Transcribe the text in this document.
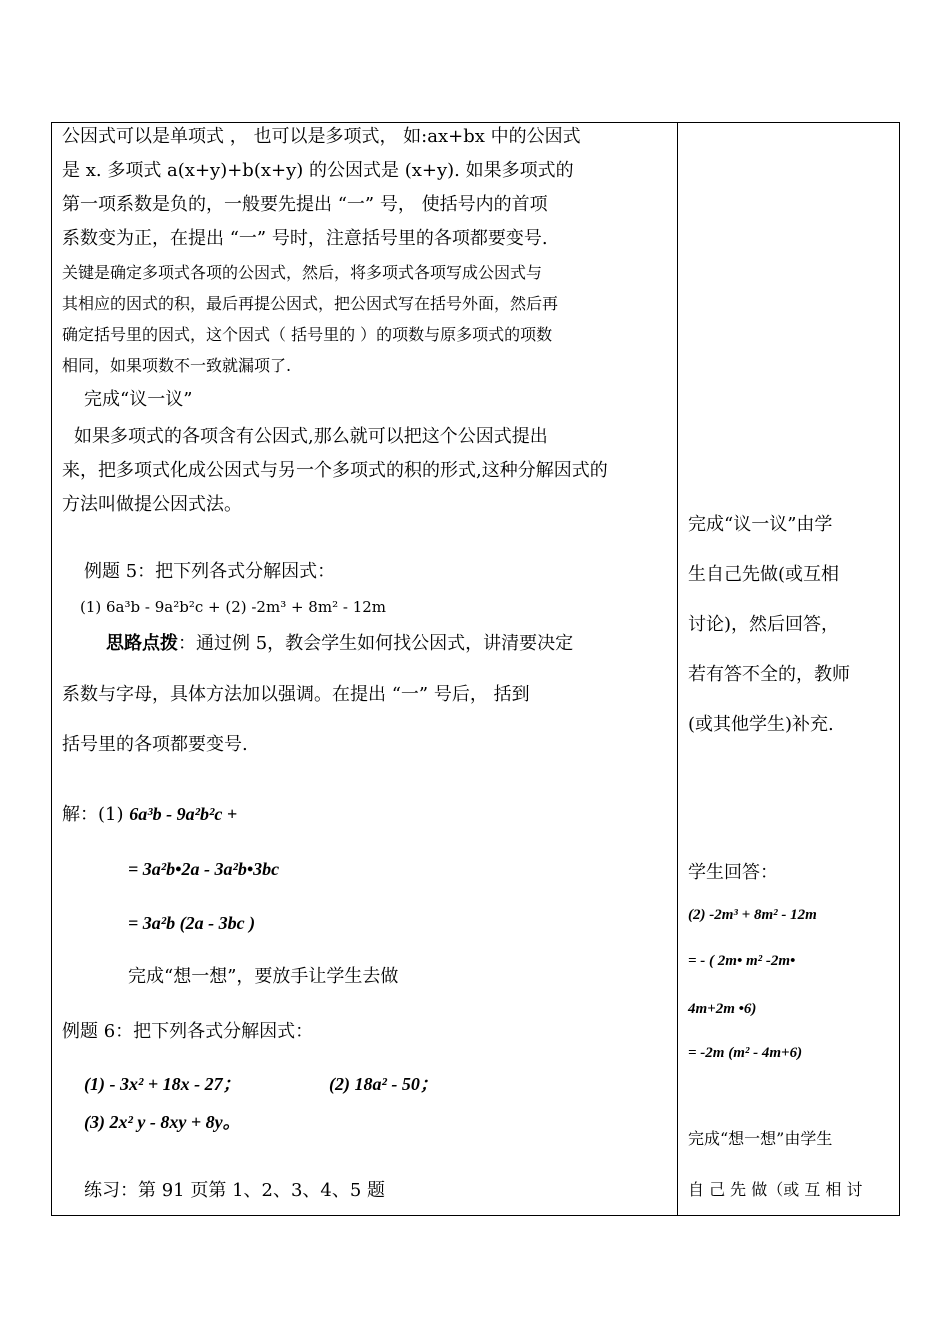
公因式可以是单项式 ， 也可以是多项式， 如:ax+bx 中的公因式
是 x. 多项式 a(x+y)+b(x+y) 的公因式是 (x+y). 如果多项式的
第一项系数是负的，一般要先提出 “一” 号， 使括号内的首项
系数变为正，在提出 “一” 号时，注意括号里的各项都要变号.
关键是确定多项式各项的公因式，然后，将多项式各项写成公因式与
其相应的因式的积，最后再提公因式，把公因式写在括号外面，然后再
确定括号里的因式，这个因式（ 括号里的 ）的项数与原多项式的项数
相同，如果项数不一致就漏项了.
完成“议一议”
如果多项式的各项含有公因式,那么就可以把这个公因式提出
来，把多项式化成公因式与另一个多项式的积的形式,这种分解因式的
方法叫做提公因式法。
例题 5：把下列各式分解因式：
(1) 6a³b - 9a²b²c + (2) -2m³ + 8m² - 12m
思路点拨：通过例 5，教会学生如何找公因式，讲清要决定
系数与字母，具体方法加以强调。在提出 “一” 号后， 括到
括号里的各项都要变号.
解：(1) 6a³b - 9a²b²c +
= 3a²b•2a - 3a²b•3bc
= 3a²b (2a - 3bc )
完成“想一想”，要放手让学生去做
例题 6：把下列各式分解因式：
(1) - 3x² + 18x - 27；	(2) 18a² - 50；
(3) 2x² y - 8xy + 8y。
练习：第 91 页第 1、2、3、4、5 题
完成“议一议”由学
生自己先做(或互相
讨论)，然后回答，
若有答不全的，教师
(或其他学生)补充.
学生回答：
(2) -2m³ + 8m² - 12m
= - ( 2m• m² -2m•
4m+2m •6)
= -2m (m² - 4m+6)
完成“想一想”由学生
自 己 先 做（或 互 相 讨
